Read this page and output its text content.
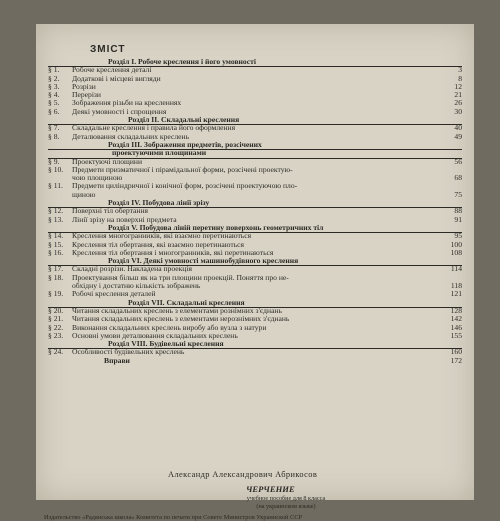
ЗМІСТ
Розділ I. Робоче креслення і його умовності
§ 1.	Робоче креслення деталі	3
§ 2.	Додаткові і місцеві вигляди	8
§ 3.	Розрізи	12
§ 4.	Перерізи	21
§ 5.	Зображення різьби на кресленнях	26
§ 6.	Деякі умовності і спрощення	30
Розділ II. Складальні креслення
§ 7.	Складальне креслення і правила його оформлення	40
§ 8.	Деталювання складальних креслень	49
Розділ III. Зображення предметів, розсічених
проектуючими площинами
§ 9.	Проектуючі площини	56
§ 10.	Предмети призматичної і пірамідальної форми, розсічені проектую-
чою площиною	68
§ 11.	Предмети циліндричної і конічної форм, розсічені проектуючою пло-
щиною	75
Розділ IV. Побудова лінії зрізу
§ 12.	Поверхні тіл обертання	88
§ 13.	Лінії зрізу на поверхні предмета	91
Розділ V. Побудова ліній перетину поверхонь геометричних тіл
§ 14.	Креслення многогранників, які взаємно перетинаються	95
§ 15.	Креслення тіл обертання, які взаємно перетинаються	100
§ 16.	Креслення тіл обертання і многогранників, які перетинаються	108
Розділ VI. Деякі умовності машинобудівного креслення
§ 17.	Складні розрізи. Накладена проекція	114
§ 18.	Проектування більш як на три площини проекцій. Поняття про не-
обхідну і достатню кількість зображень	118
§ 19.	Робочі креслення деталей	121
Розділ VII. Складальні креслення
§ 20.	Читання складальних креслень з елементами рознімних з'єднань	128
§ 21.	Читання складальних креслень з елементами нерознімних з'єднань	142
§ 22.	Виконання складальних креслень виробу або вузла з натури	146
§ 23.	Основні умови деталювання складальних креслень	155
Розділ VIII. Будівельні креслення
§ 24.	Особливості будівельних креслень	160
Вправи	172
Александр Александрович Абрикосов
ЧЕРЧЕНИЕ
учебное пособие для 8 класса
(на украинском языке)
Издательство «Радянська школа» Комитета по печати при Совете Министров Украинской ССР
